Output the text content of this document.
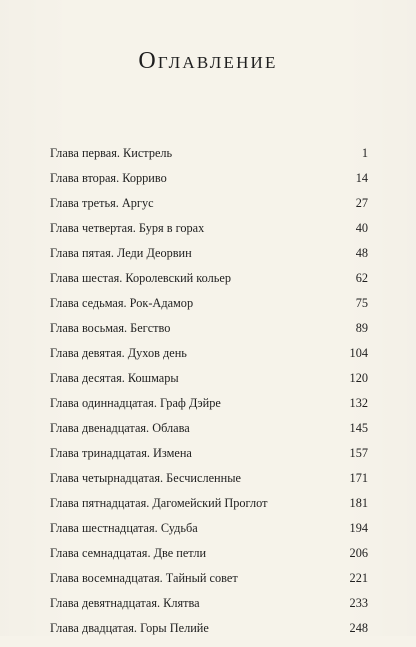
Оглавление
Глава первая. Кистрель	1
Глава вторая. Корриво	14
Глава третья. Аргус	27
Глава четвертая. Буря в горах	40
Глава пятая. Леди Деорвин	48
Глава шестая. Королевский кольер	62
Глава седьмая. Рок-Адамор	75
Глава восьмая. Бегство	89
Глава девятая. Духов день	104
Глава десятая. Кошмары	120
Глава одиннадцатая. Граф Дэйре	132
Глава двенадцатая. Облава	145
Глава тринадцатая. Измена	157
Глава четырнадцатая. Бесчисленные	171
Глава пятнадцатая. Дагомейский Проглот	181
Глава шестнадцатая. Судьба	194
Глава семнадцатая. Две петли	206
Глава восемнадцатая. Тайный совет	221
Глава девятнадцатая. Клятва	233
Глава двадцатая. Горы Пелийе	248
